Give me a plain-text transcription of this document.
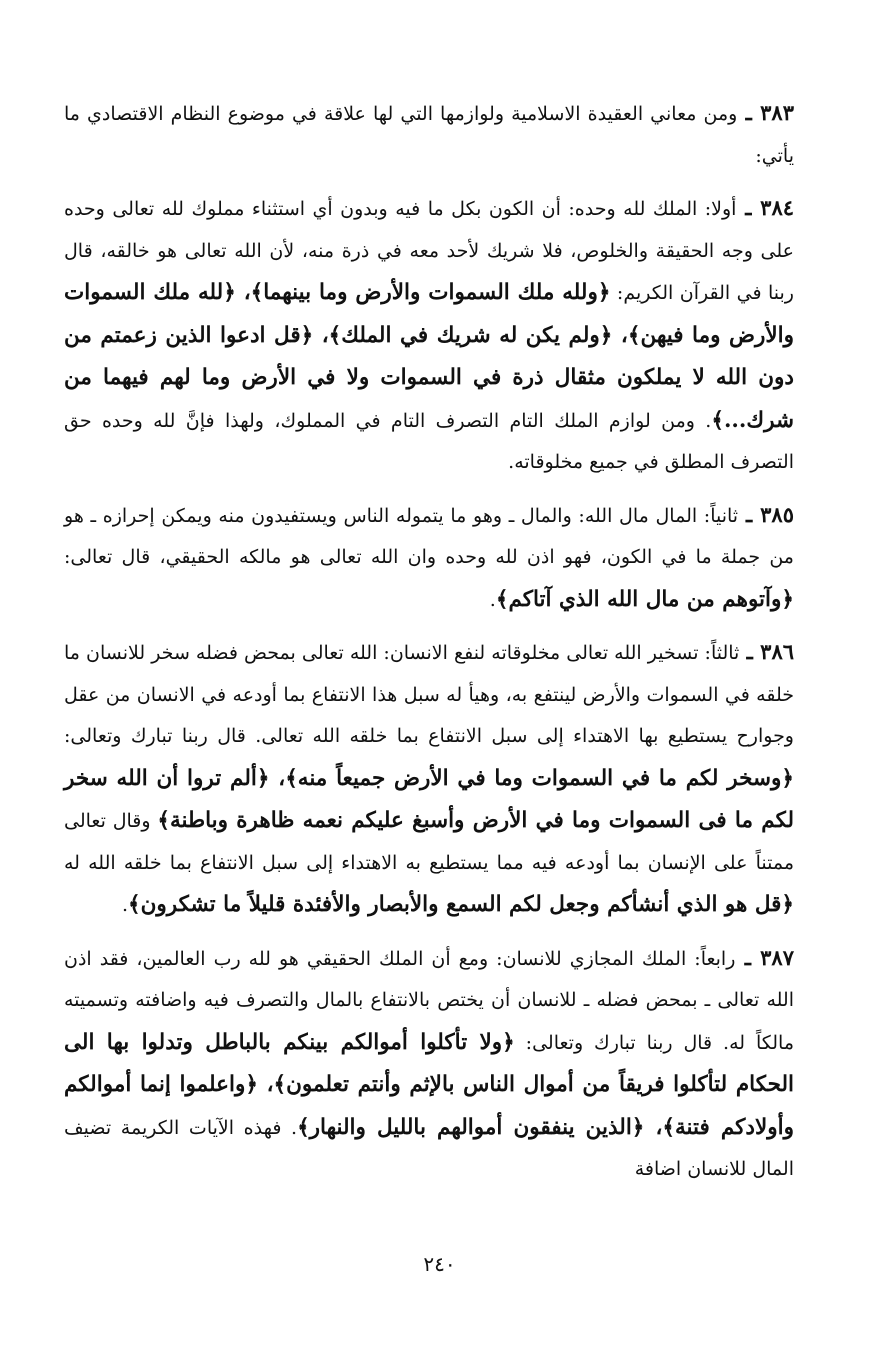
٣٨٣ ـ ومن معاني العقيدة الاسلامية ولوازمها التي لها علاقة في موضوع النظام الاقتصادي ما يأتي:

٣٨٤ ـ أولا: الملك لله وحده: أن الكون بكل ما فيه وبدون أي استثناء مملوك لله تعالى وحده على وجه الحقيقة والخلوص، فلا شريك لأحد معه في ذرة منه، لأن الله تعالى هو خالقه، قال ربنا في القرآن الكريم: ﴿ولله ملك السموات والأرض وما بينهما﴾، ﴿لله ملك السموات والأرض وما فيهن﴾، ﴿ولم يكن له شريك في الملك﴾، ﴿قل ادعوا الذين زعمتم من دون الله لا يملكون مثقال ذرة في السموات ولا في الأرض وما لهم فيهما من شرك...﴾. ومن لوازم الملك التام التصرف التام في المملوك، ولهذا فإنَّ لله وحده حق التصرف المطلق في جميع مخلوقاته.

٣٨٥ ـ ثانياً: المال مال الله: والمال ـ وهو ما يتموله الناس ويستفيدون منه ويمكن إحرازه ـ هو من جملة ما في الكون، فهو اذن لله وحده وان الله تعالى هو مالكه الحقيقي، قال تعالى: ﴿وآتوهم من مال الله الذي آتاكم﴾.

٣٨٦ ـ ثالثاً: تسخير الله تعالى مخلوقاته لنفع الانسان: الله تعالى بمحض فضله سخر للانسان ما خلقه في السموات والأرض لينتفع به، وهيأ له سبل هذا الانتفاع بما أودعه في الانسان من عقل وجوارح يستطيع بها الاهتداء إلى سبل الانتفاع بما خلقه الله تعالى. قال ربنا تبارك وتعالى: ﴿وسخر لكم ما في السموات وما في الأرض جميعاً منه﴾، ﴿ألم تروا أن الله سخر لكم ما فى السموات وما في الأرض وأسبغ عليكم نعمه ظاهرة وباطنة﴾ وقال تعالى ممتناً على الإنسان بما أودعه فيه مما يستطيع به الاهتداء إلى سبل الانتفاع بما خلقه الله له ﴿قل هو الذي أنشأكم وجعل لكم السمع والأبصار والأفئدة قليلاً ما تشكرون﴾.

٣٨٧ ـ رابعاً: الملك المجازي للانسان: ومع أن الملك الحقيقي هو لله رب العالمين، فقد اذن الله تعالى ـ بمحض فضله ـ للانسان أن يختص بالانتفاع بالمال والتصرف فيه واضافته وتسميته مالكاً له. قال ربنا تبارك وتعالى: ﴿ولا تأكلوا أموالكم بينكم بالباطل وتدلوا بها الى الحكام لتأكلوا فريقاً من أموال الناس بالإثم وأنتم تعلمون﴾، ﴿واعلموا إنما أموالكم وأولادكم فتنة﴾، ﴿الذين ينفقون أموالهم بالليل والنهار﴾. فهذه الآيات الكريمة تضيف المال للانسان اضافة

٢٤٠
